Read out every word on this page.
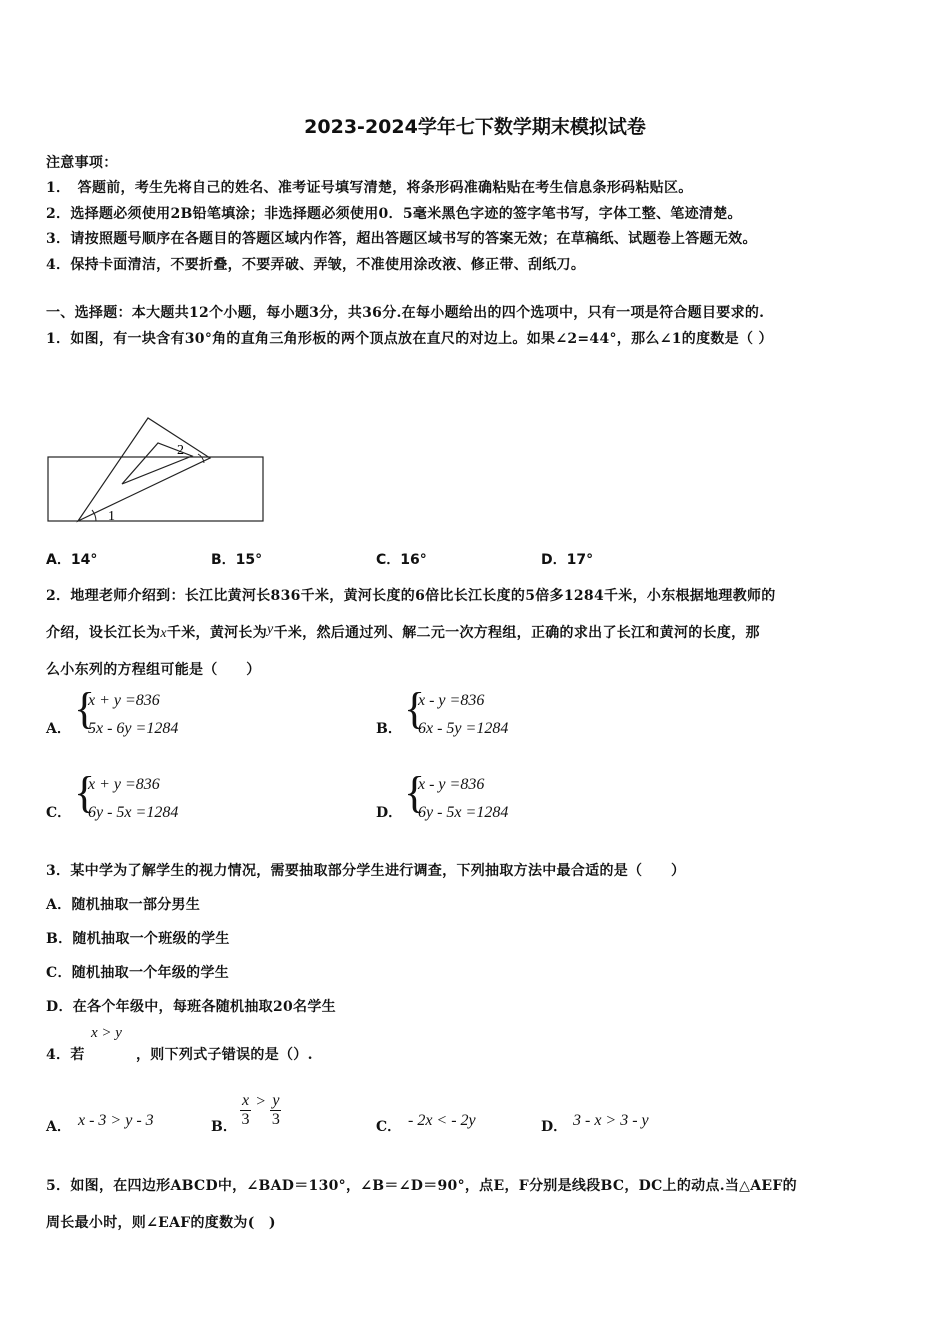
2023-2024学年七下数学期末模拟试卷
注意事项：
1．　答题前，考生先将自己的姓名、准考证号填写清楚，将条形码准确粘贴在考生信息条形码粘贴区。
2．选择题必须使用2B铅笔填涂；非选择题必须使用0．5毫米黑色字迹的签字笔书写，字体工整、笔迹清楚。
3．请按照题号顺序在各题目的答题区域内作答，超出答题区域书写的答案无效；在草稿纸、试题卷上答题无效。
4．保持卡面清洁，不要折叠，不要弄破、弄皱，不准使用涂改液、修正带、刮纸刀。
一、选择题：本大题共12个小题，每小题3分，共36分.在每小题给出的四个选项中，只有一项是符合题目要求的.
1．如图，有一块含有30°角的直角三角形板的两个顶点放在直尺的对边上。如果∠2=44°，那么∠1的度数是（ ）
2
1
A．14°	B．15°	C．16°	D．17°
2．地理老师介绍到：长江比黄河长836千米，黄河长度的6倍比长江长度的5倍多1284千米，小东根据地理教师的
介绍，设长江长为x千米，黄河长为y千米，然后通过列、解二元一次方程组，正确的求出了长江和黄河的长度，那
么小东列的方程组可能是（　　）
A． {
x + y =836
5x - 6y =1284	B． {
x - y =836
6x - 5y =1284
C． {
x + y =836
6y - 5x =1284	D． {
x - y =836
6y - 5x =1284
3．某中学为了解学生的视力情况，需要抽取部分学生进行调查，下列抽取方法中最合适的是（　　）
A．随机抽取一部分男生
B．随机抽取一个班级的学生
C．随机抽取一个年级的学生
D．在各个年级中，每班各随机抽取20名学生
4．若
x > y
，则下列式子错误的是（）.
A． x - 3 > y - 3	B． $\frac{x}{3} > \frac{y}{3}$	C． - 2x < - 2y	D． 3 - x > 3 - y
5．如图，在四边形ABCD中，∠BAD＝130°，∠B＝∠D＝90°，点E，F分别是线段BC，DC上的动点.当△AEF的
周长最小时，则∠EAF的度数为(　)
